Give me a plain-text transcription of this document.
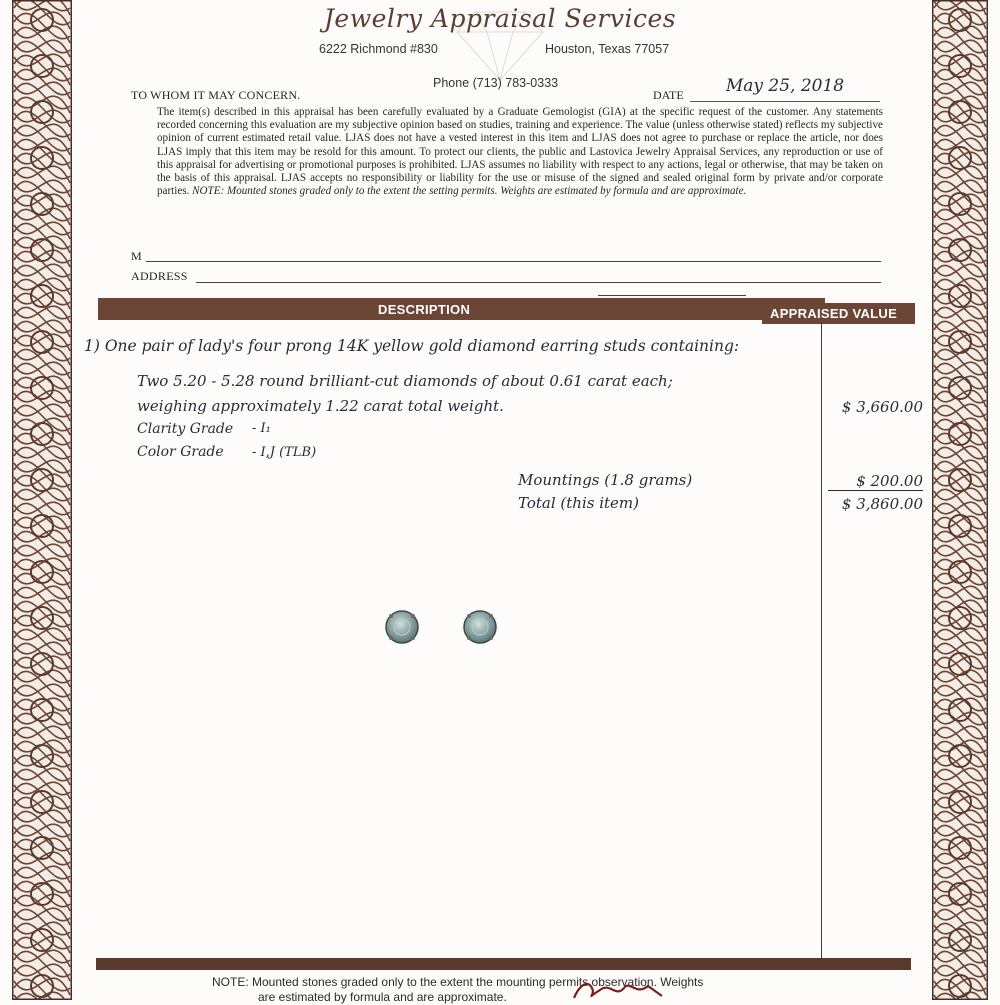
Jewelry Appraisal Services
6222 Richmond #830	Houston, Texas 77057
Phone (713) 783-0333
TO WHOM IT MAY CONCERN.	DATE	May 25, 2018
The item(s) described in this appraisal has been carefully evaluated by a Graduate Gemologist (GIA) at the specific request of the customer. Any statements recorded concerning this evaluation are my subjective opinion based on studies, training and experience. The value (unless otherwise stated) reflects my subjective opinion of current estimated retail value. LJAS does not have a vested interest in this item and LJAS does not agree to purchase or replace the article, nor does LJAS imply that this item may be resold for this amount. To protect our clients, the public and Lastovica Jewelry Appraisal Services, any reproduction or use of this appraisal for advertising or promotional purposes is prohibited. LJAS assumes no liability with respect to any actions, legal or otherwise, that may be taken on the basis of this appraisal. LJAS accepts no responsibility or liability for the use or misuse of the signed and sealed original form by private and/or corporate parties. NOTE: Mounted stones graded only to the extent the setting permits. Weights are estimated by formula and are approximate.
M
ADDRESS
DESCRIPTION	APPRAISED VALUE
1) One pair of lady's four prong 14K yellow gold diamond earring studs containing:
Two 5.20 - 5.28 round brilliant-cut diamonds of about 0.61 carat each;
weighing approximately 1.22 carat total weight.	$ 3,660.00
Clarity Grade - I₁
Color Grade - I,J (TLB)
Mountings (1.8 grams)	$ 200.00
Total (this item)	$ 3,860.00
NOTE: Mounted stones graded only to the extent the mounting permits observation. Weights
are estimated by formula and are approximate.
